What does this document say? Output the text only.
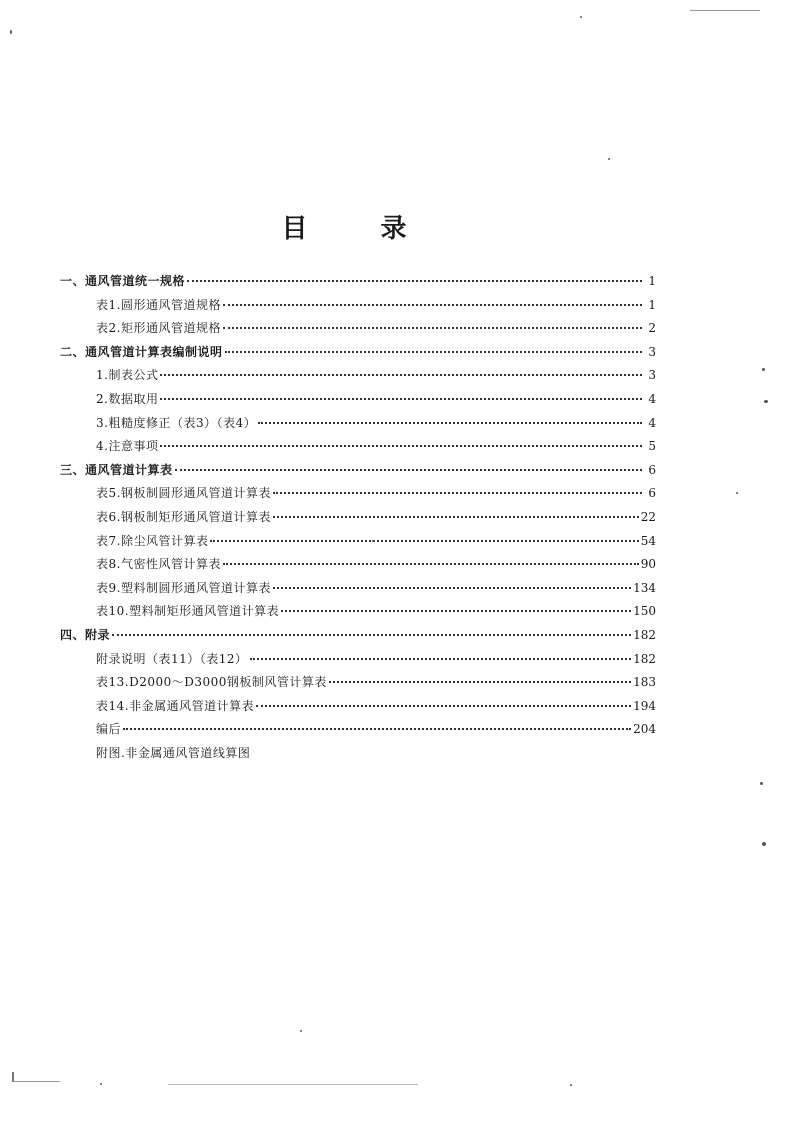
目 录
一、通风管道统一规格	1
表1.圆形通风管道规格	1
表2.矩形通风管道规格	2
二、通风管道计算表编制说明	3
1.制表公式	3
2.数据取用	4
3.粗糙度修正（表3）（表4）	4
4.注意事项	5
三、通风管道计算表	6
表5.钢板制圆形通风管道计算表	6
表6.钢板制矩形通风管道计算表	22
表7.除尘风管计算表	54
表8.气密性风管计算表	90
表9.塑料制圆形通风管道计算表	134
表10.塑料制矩形通风管道计算表	150
四、附录	182
附录说明（表11）（表12）	182
表13.D2000～D3000钢板制风管计算表	183
表14.非金属通风管道计算表	194
编后	204
附图.非金属通风管道线算图
